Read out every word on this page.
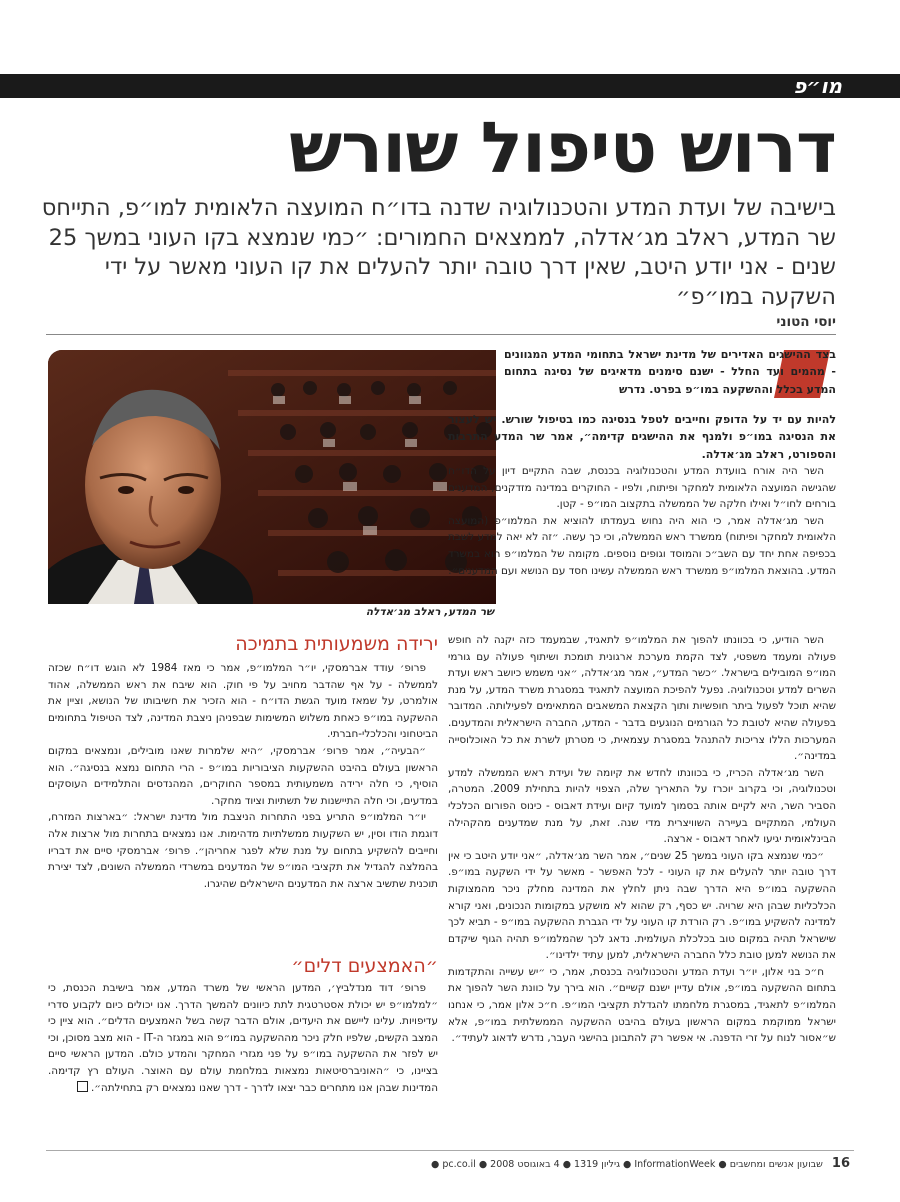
מו״פ
דרוש טיפול שורש
בישיבה של ועדת המדע והטכנולוגיה שדנה בדו״ח המועצה הלאומית למו״פ, התייחס שר המדע, ראלב מג׳אדלה, לממצאים החמורים: ״כמי שנמצא בקו העוני במשך 25 שנים - אני יודע היטב, שאין דרך טובה יותר להעלים את קו העוני מאשר על ידי השקעה במו״פ״
יוסי הטוני
שר המדע, ראלב מג׳אדלה
בצד ההישגים האדירים של מדינת ישראל בתחומי המדע המגוונים - מהמים ועד החלל - ישנם סימנים מדאיגים של נסיגה בתחום המדע בכלל וההשקעה במו״פ בפרט. נדרש
להיות עם יד על הדופק וחייבים לטפל בנסיגה כמו בטיפול שורש. יש לעצור את הנסיגה במו״פ ולמנף את ההישגים קדימה״, אמר שר המדע התרבות והספורט, ראלב מג׳אדלה.

השר היה אורח בוועדת המדע והטכנולוגיה בכנסת, שבה התקיים דיון על הדו״ח שהגישה המועצה הלאומית למחקר ופיתוח, ולפיו - החוקרים במדינה מזדקנים, המדענים בורחים לחו״ל ואילו חלקה של הממשלה בתקצוב המו״פ - קטן.

השר מג׳אדלה אמר, כי הוא היה נחוש בעמדתו להוציא את המלמו״פ (המועצה הלאומית למחקר ופיתוח) ממשרד ראש הממשלה, וכי כך עשה. ״זה לא יאה למדע לשבת בכפיפה אחת יחד עם השב״כ והמוסד וגופים נוספים. מקומה של המלמו״פ הוא במשרד המדע. בהוצאת המלמו״פ ממשרד ראש הממשלה עשינו חסד עם הנושא ועם המדענים״.

השר הודיע, כי בכוונתו להפוך את המלמו״פ לתאגיד, שבמעמד כזה יקנה לה חופש פעולה ומעמד משפטי, לצד הקמת מערכת ארגונית תומכת ושיתוף פעולה עם גורמי המו״פ המובילים בישראל. ״כשר המדע״, אמר מג׳אדלה, ״אני משמש כיושב ראש ועדת השרים למדע וטכנולוגיה. נפעל להפיכת המועצה לתאגיד במסגרת משרד המדע, על מנת שהיא תוכל לפעול ביתר חופשיות ותוך הקצאת המשאבים המתאימים לפעילותה. המדובר בפעולה שהיא לטובת כל הגורמים הנוגעים בדבר - המדע, החברה הישראלית והמדענים. המערכות הללו צריכות להתנהל במסגרת עצמאית, כי מטרתן לשרת את כל האוכלוסייה במדינה״.

השר מג׳אדלה הכריז, כי בכוונתו לחדש את קיומה של ועידת ראש הממשלה למדע וטכנולוגיה, וכי בקרוב יוכרז על התאריך שלה, הצפוי להיות בתחילת 2009. המטרה, הסביר השר, היא לקיים אותה בסמוך למועד קיום ועידת דאבוס - כינוס הפורום הכלכלי העולמי, המתקיים בעיירה השוויצרית מדי שנה. זאת, על מנת שמדענים מהקהילה הבינלאומית יגיעו לאחר דאבוס - ארצה.

״כמי שנמצא בקו העוני במשך 25 שנים״, אמר השר מג׳אדלה, ״אני יודע היטב כי אין דרך טובה יותר להעלים את קו העוני - לכל האפשר - מאשר על ידי השקעה במו״פ. ההשקעה במו״פ היא הדרך שבה ניתן לחלץ את המדינה מחלק ניכר מהמצוקות הכלכליות שבהן היא שרויה. יש כסף, רק שהוא לא מושקע במקומות הנכונים, ואני קורא למדינה להשקיע במו״פ. רק הורדת קו העוני על ידי הגברת ההשקעה במו״פ - תביא לכך שישראל תהיה במקום טוב בכלכלת העולמית. נדאג לכך שהמלמו״פ תהיה הגוף שיקדם את הנושא למען טובת כלל החברה הישראלית, למען עתיד ילדינו״.

ח״כ בני אלון, יו״ר ועדת המדע והטכנולוגיה בכנסת, אמר, כי ״יש עשייה והתקדמות בתחום ההשקעה במו״פ, אולם עדיין ישנם קשיים״. הוא בירך על כוונת השר להפוך את המלמו״פ לתאגיד, במסגרת מלחמתו להגדלת תקציבי המו״פ. ח״כ אלון אמר, כי אנחנו ישראל ממוקמת במקום הראשון בעולם בהיבט ההשקעה הממשלתית במו״פ, אלא ש״אסור לנוח על זרי הדפנה. אי אפשר רק להתבונן בהישגי העבר, נדרש לדאוג לעתיד״.

ירידה משמעותית בתמיכה

פרופ׳ עודד אברמסקי, יו״ר המלמו״פ, אמר כי מאז 1984 לא הוגש דו״ח שכזה לממשלה - על אף שהדבר מחויב על פי חוק. הוא שיבח את ראש הממשלה, אהוד אולמרט, על שמאז מועד הגשת הדו״ח - הוא הזכיר את חשיבותו של הנושא, וציין את ההשקעה במו״פ כאחת משלוש המשימות שבפניהן ניצבת המדינה, לצד הטיפול בתחומים הביטחוני והכלכלי-חברתי.

״הבעיה״, אמר פרופ׳ אברמסקי, ״היא שלמרות שאנו מובילים, ונמצאים במקום הראשון בעולם בהיבט ההשקעות הציבוריות במו״פ - הרי התחום נמצא בנסיגה״. הוא הוסיף, כי חלה ירידה משמעותית במספר החוקרים, המהנדסים והתלמידים העוסקים במדעים, וכי חלה התיישנות של תשתיות וציוד מחקר.

יו״ר המלמו״פ התריע בפני התחרות הניצבת מול מדינת ישראל: ״בארצות המזרח, דוגמת הודו וסין, יש השקעות ממשלתיות מדהימות. אנו נמצאים בתחרות מול ארצות אלה וחייבים להשקיע בתחום על מנת שלא לפגר אחריהן״. פרופ׳ אברמסקי סיים את דבריו בהמלצה להגדיל את תקציבי המו״פ של המדענים במשרדי הממשלה השונים, לצד יצירת תוכנית שתשיב ארצה את המדענים הישראלים שהיגרו.

״האמצעים דלים״

פרופ׳ דוד מנדלביץ׳, המדען הראשי של משרד המדע, אמר בישיבת הכנסת, כי ״למלמו״פ יש יכולת אסטרטגית לתת כיוונים להמשך הדרך. אנו יכולים כיום לקבוע סדרי עדיפויות. עלינו ליישם את היעדים, אולם הדבר קשה בשל האמצעים הדלים״. הוא ציין כי המצב הקשים, שלפיו חלק ניכר מההשקעה במו״פ הוא במגזר ה-IT - הוא מצב מסוכן, וכי יש לפזר את ההשקעה במו״פ על פני מגזרי המחקר והמדע כולם. המדען הראשי סיים בציינו, כי ״האוניברסיטאות נמצאות במלחמת עולם עם האוצר. העולם רץ קדימה. המדינות שבהן אנו מתחרים כבר יצאו לדרך - דרך שאנו נמצאים רק בתחילתה״.

16 שבועון אנשים ומחשבים ● InformationWeek ● גיליון 1319 ● 4 באוגוסט 2008 ● pc.co.il ●
